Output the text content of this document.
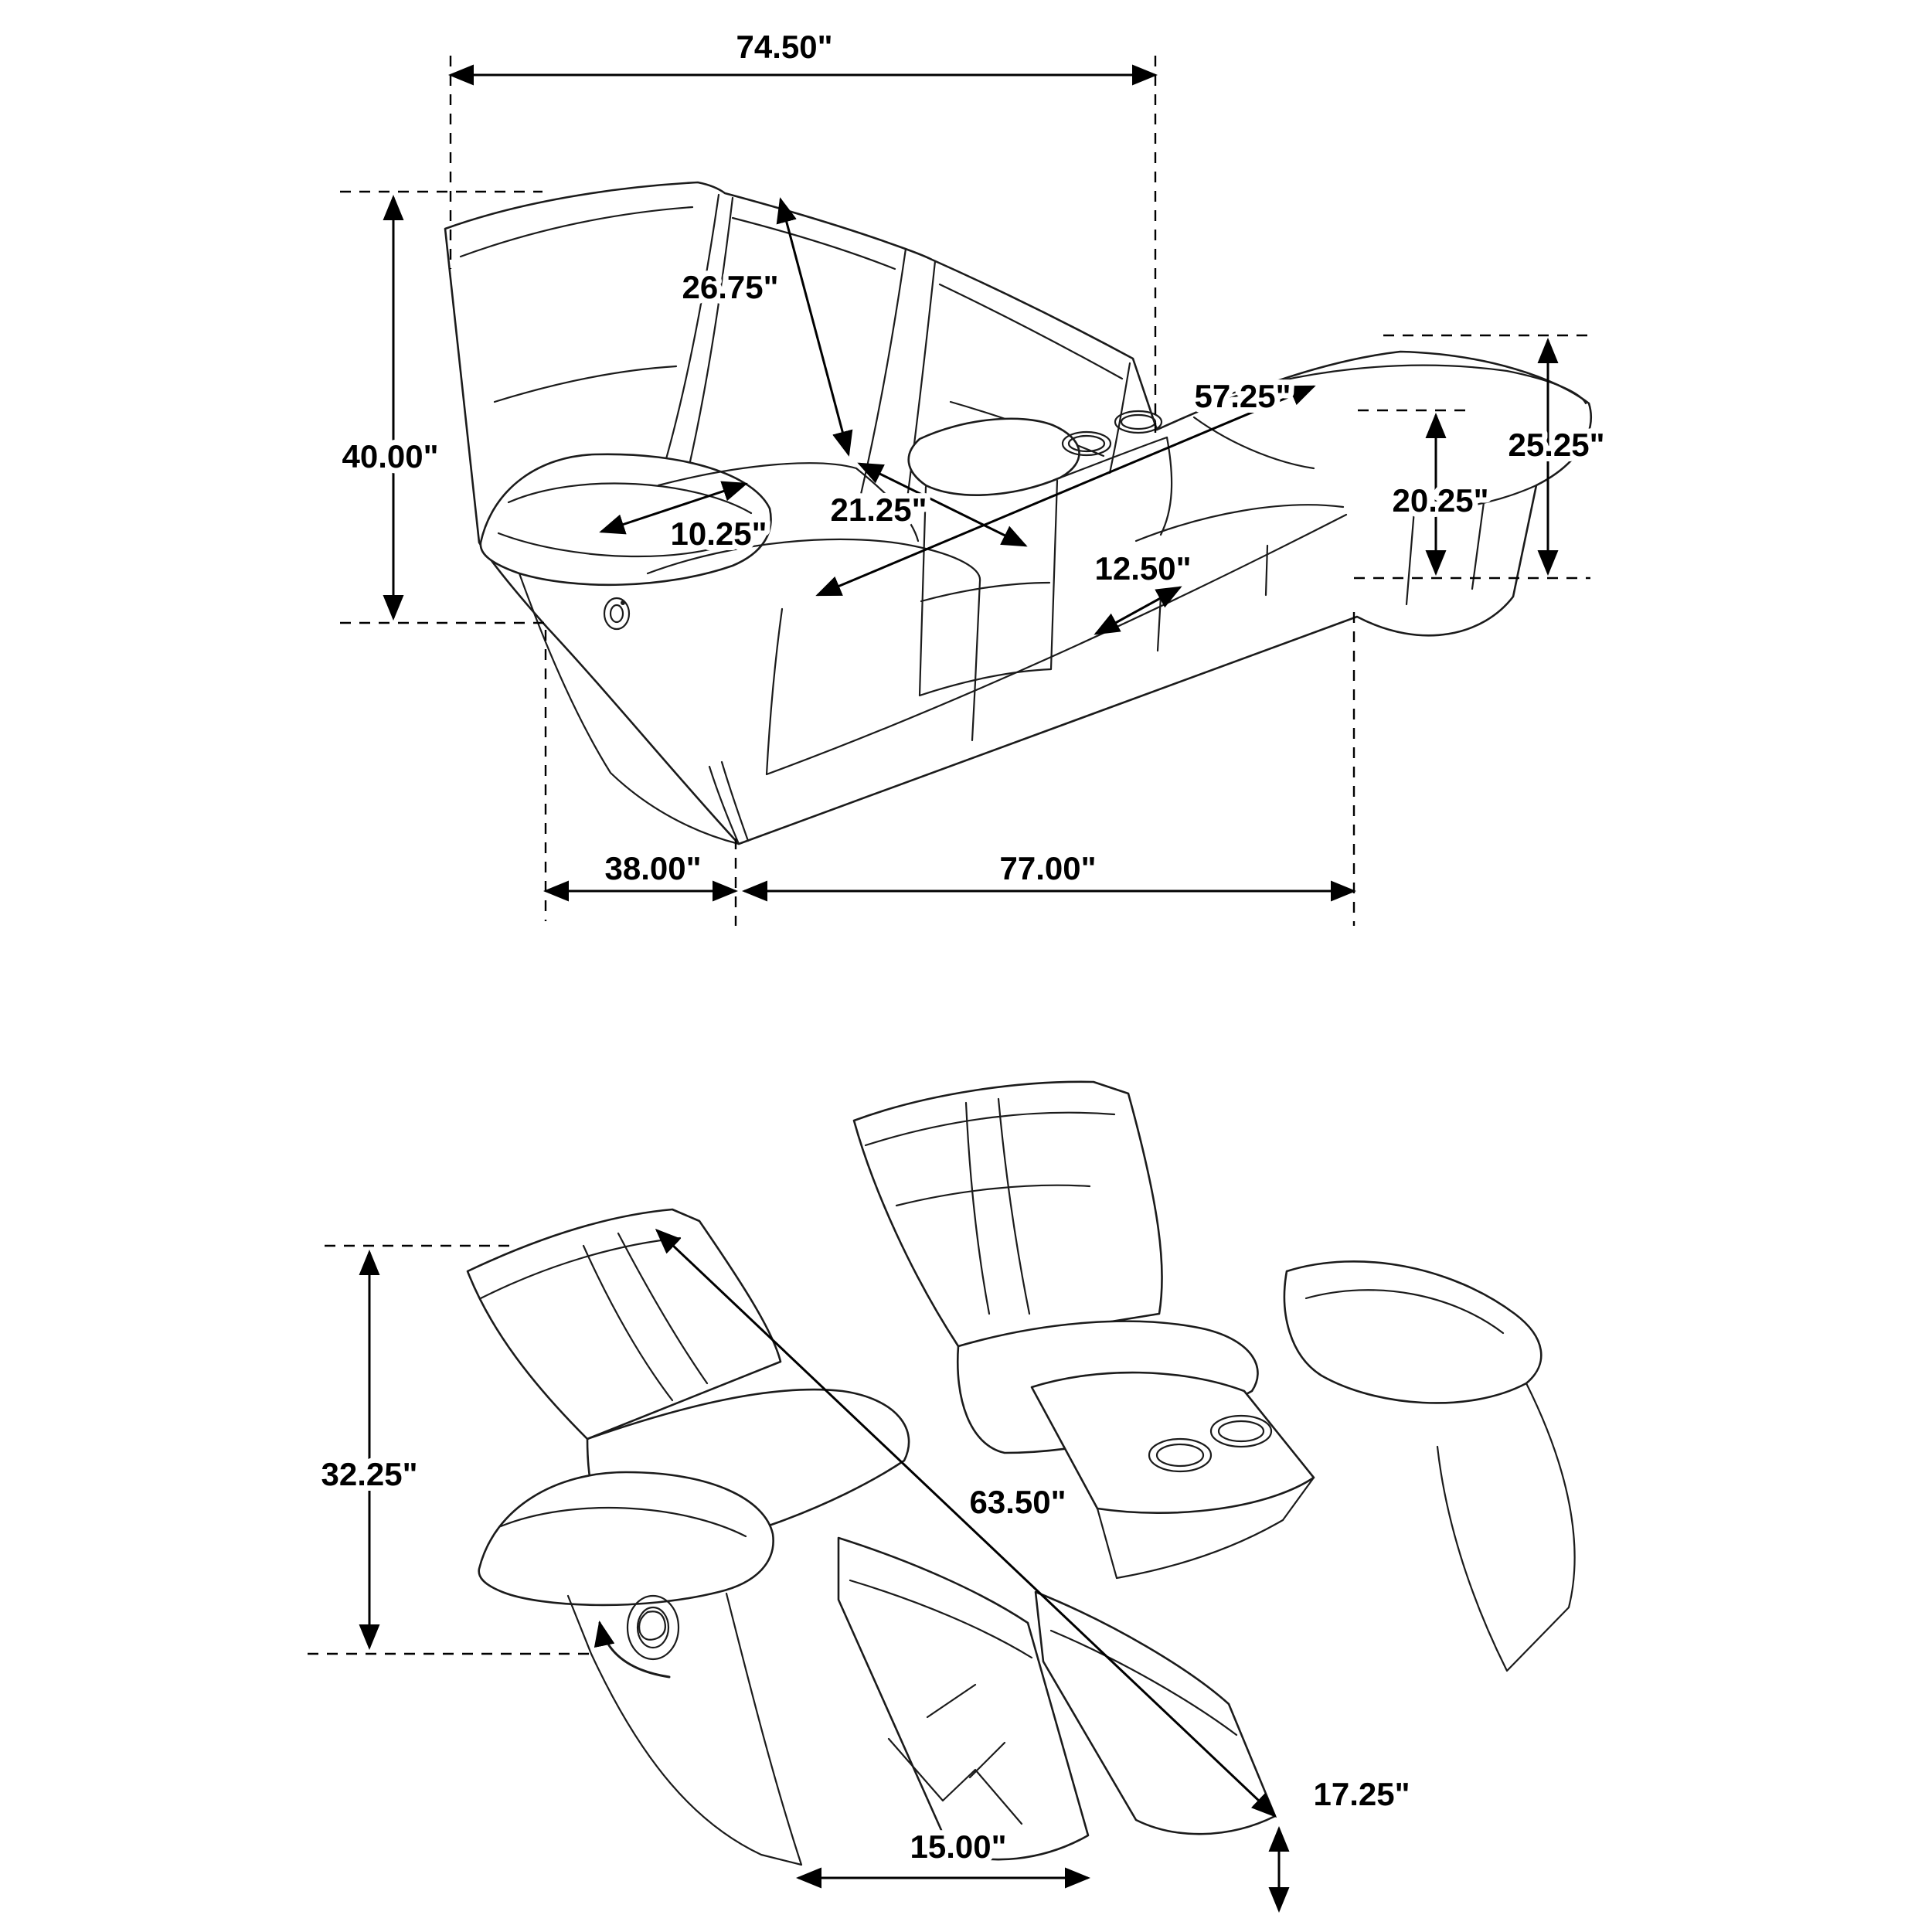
74.50"
40.00"
26.75"
10.25"
21.25"
57.25"
12.50"
20.25"
25.25"
38.00"	77.00"
32.25"
63.50"
15.00"
17.25"
